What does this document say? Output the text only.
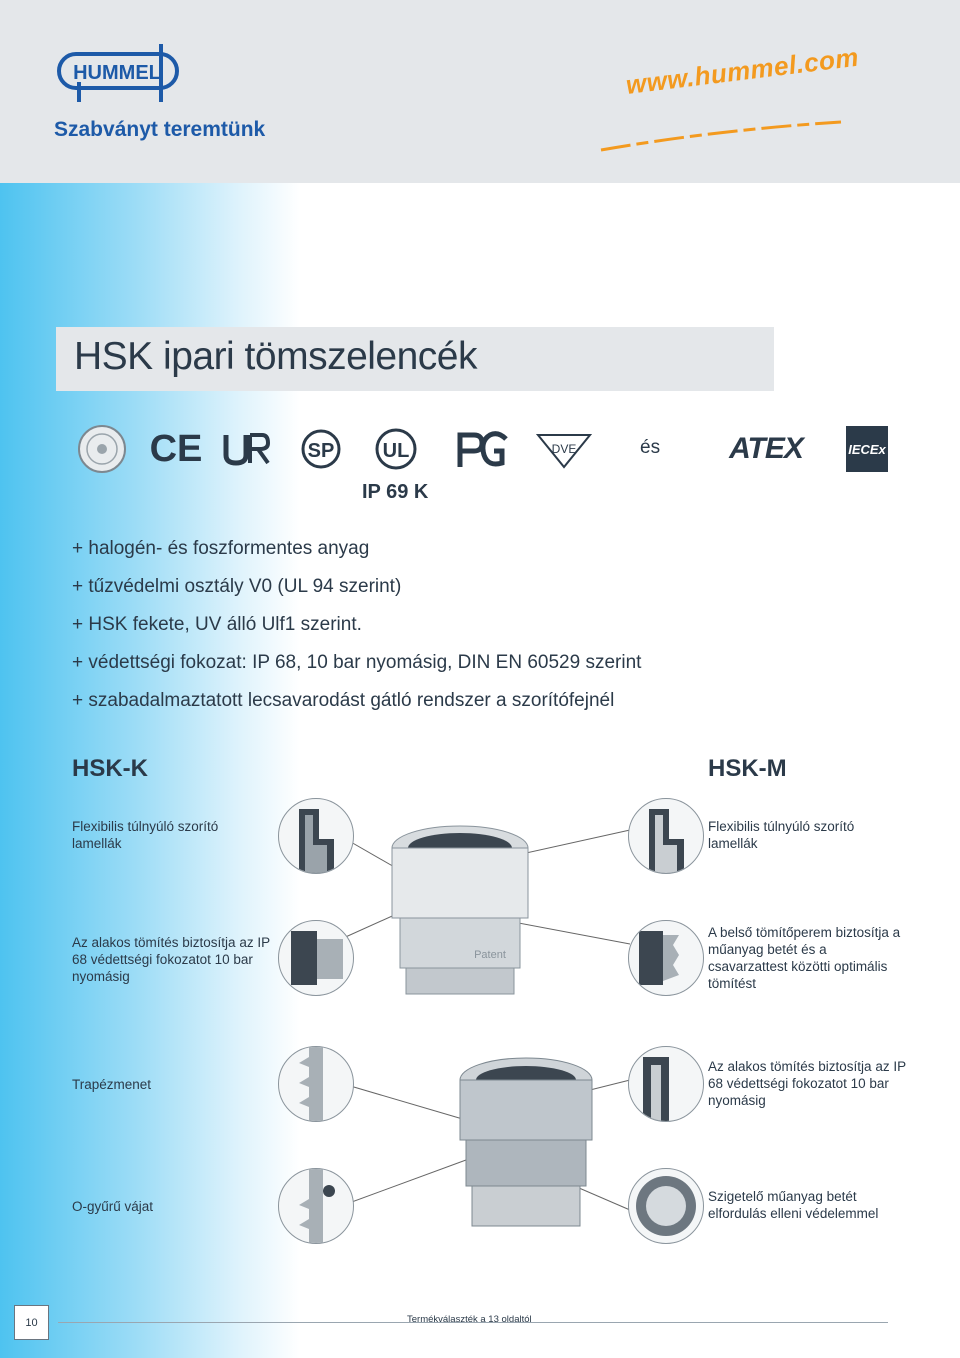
HUMMEL
Szabványt teremtünk
www.hummel.com
HSK ipari tömszelencék
CE	SP UL	DVE	és	ATEX	IECEx
IP 69 K
+ halogén- és foszformentes anyag
+ tűzvédelmi osztály V0 (UL 94 szerint)
+ HSK fekete, UV álló Ulf1 szerint.
+ védettségi fokozat: IP 68, 10 bar nyomásig, DIN EN 60529 szerint
+ szabadalmaztatott lecsavarodást gátló rendszer a szorítófejnél
HSK-K	HSK-M
Flexibilis túlnyúló szorító lamellák
Az alakos tömítés biztosítja az IP 68 védettségi fokozatot 10 bar nyomásig
Trapézmenet
O-gyűrű vájat
Flexibilis túlnyúló szorító lamellák
A belső tömítőperem biztosítja a műanyag betét és a csavarzattest közötti optimális tömítést
Az alakos tömítés biztosítja az IP 68 védettségi fokozatot 10 bar nyomásig
Szigetelő műanyag betét elfordulás elleni védelemmel
Patent
10	Termékválaszték a 13 oldaltól
